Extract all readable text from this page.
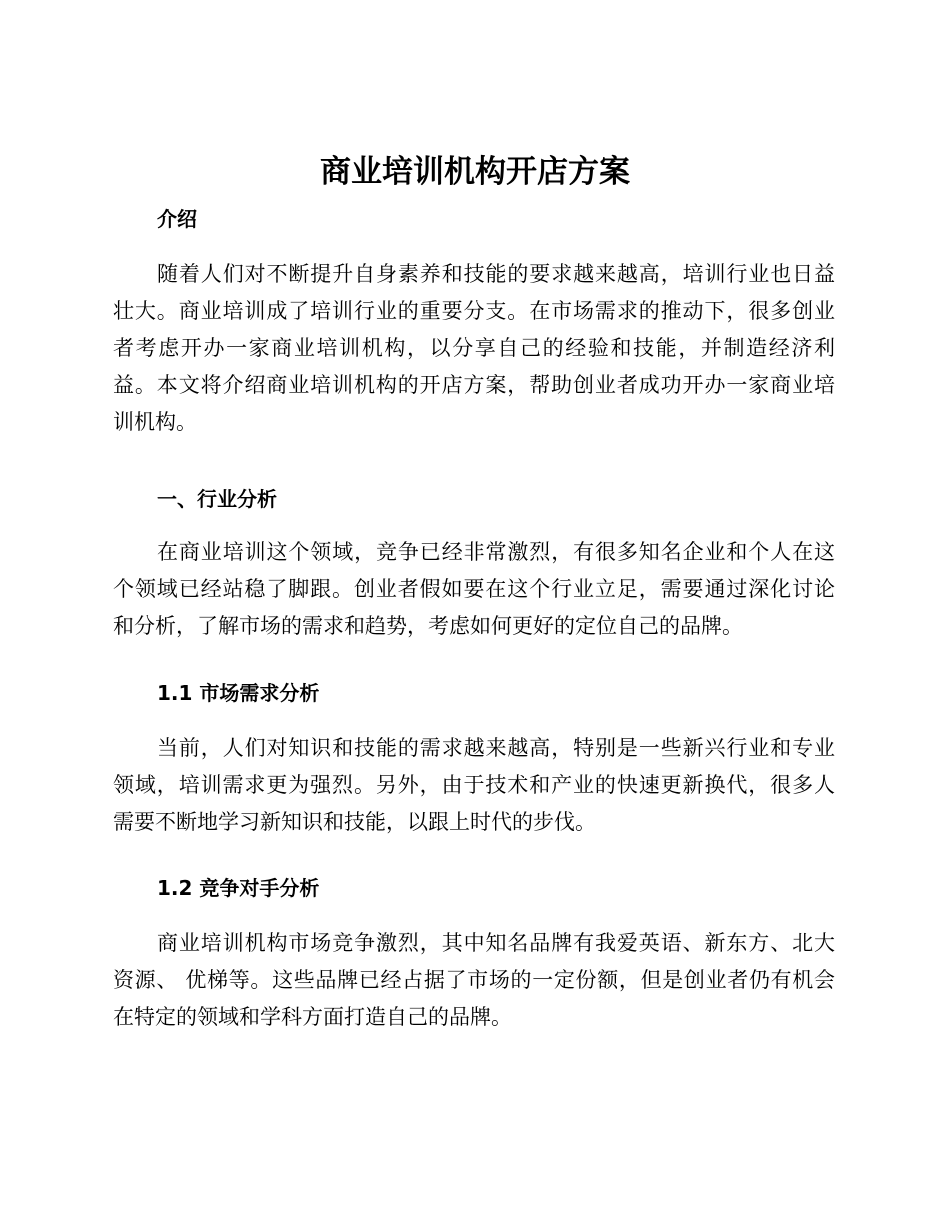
商业培训机构开店方案
介绍
随着人们对不断提升自身素养和技能的要求越来越高，培训行业也日益
壮大。商业培训成了培训行业的重要分支。在市场需求的推动下，很多创业
者考虑开办一家商业培训机构，以分享自己的经验和技能，并制造经济利
益。本文将介绍商业培训机构的开店方案，帮助创业者成功开办一家商业培
训机构。
一、行业分析
在商业培训这个领域，竞争已经非常激烈，有很多知名企业和个人在这
个领域已经站稳了脚跟。创业者假如要在这个行业立足，需要通过深化讨论
和分析，了解市场的需求和趋势，考虑如何更好的定位自己的品牌。
1.1 市场需求分析
当前，人们对知识和技能的需求越来越高，特别是一些新兴行业和专业
领域，培训需求更为强烈。另外，由于技术和产业的快速更新换代，很多人
需要不断地学习新知识和技能，以跟上时代的步伐。
1.2 竞争对手分析
商业培训机构市场竞争激烈，其中知名品牌有我爱英语、新东方、北大
资源、 优梯等。这些品牌已经占据了市场的一定份额，但是创业者仍有机会
在特定的领域和学科方面打造自己的品牌。
